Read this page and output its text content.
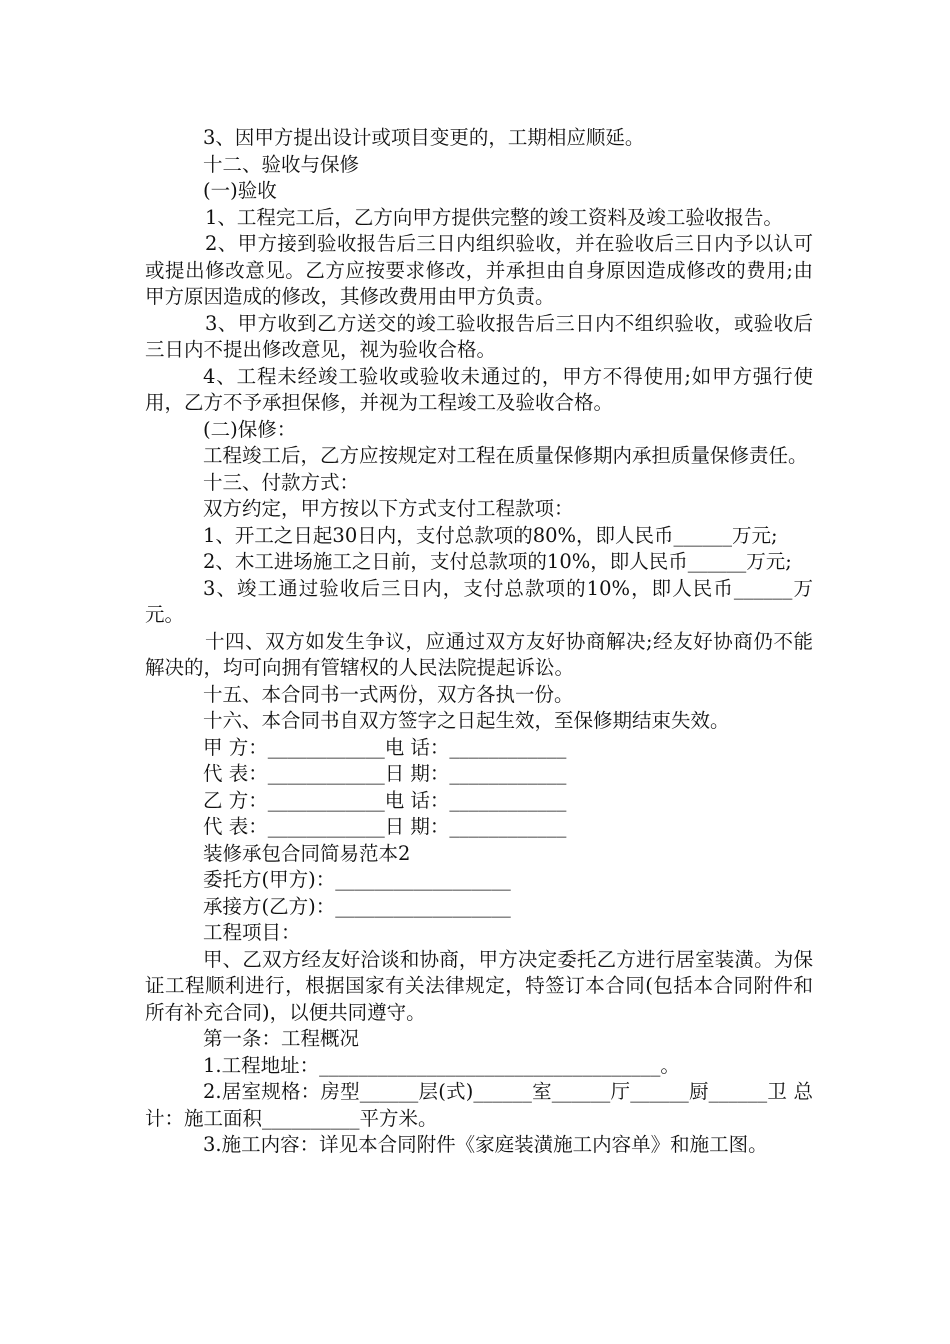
3、因甲方提出设计或项目变更的，工期相应顺延。

十二、验收与保修

(一)验收

1、工程完工后，乙方向甲方提供完整的竣工资料及竣工验收报告。

2、甲方接到验收报告后三日内组织验收，并在验收后三日内予以认可或提出修改意见。乙方应按要求修改，并承担由自身原因造成修改的费用;由甲方原因造成的修改，其修改费用由甲方负责。

3、甲方收到乙方送交的竣工验收报告后三日内不组织验收，或验收后三日内不提出修改意见，视为验收合格。

4、工程未经竣工验收或验收未通过的，甲方不得使用;如甲方强行使用，乙方不予承担保修，并视为工程竣工及验收合格。

(二)保修：

工程竣工后，乙方应按规定对工程在质量保修期内承担质量保修责任。

十三、付款方式：

双方约定，甲方按以下方式支付工程款项：

1、开工之日起30日内，支付总款项的80%，即人民币______万元;

2、木工进场施工之日前，支付总款项的10%，即人民币______万元;

3、竣工通过验收后三日内，支付总款项的10%，即人民币______万元。

十四、双方如发生争议，应通过双方友好协商解决;经友好协商仍不能解决的，均可向拥有管辖权的人民法院提起诉讼。

十五、本合同书一式两份，双方各执一份。

十六、本合同书自双方签字之日起生效，至保修期结束失效。

甲 方：____________电 话：____________

代 表：____________日 期：____________

乙 方：____________电 话：____________

代 表：____________日 期：____________

装修承包合同简易范本2

委托方(甲方)：__________________

承接方(乙方)：__________________

工程项目：

甲、乙双方经友好洽谈和协商，甲方决定委托乙方进行居室装潢。为保证工程顺利进行，根据国家有关法律规定，特签订本合同(包括本合同附件和所有补充合同)，以便共同遵守。

第一条：工程概况

1.工程地址：___________________________________。

2.居室规格：房型______层(式)______室______厅______厨______卫 总计：施工面积__________平方米。

3.施工内容：详见本合同附件《家庭装潢施工内容单》和施工图。
